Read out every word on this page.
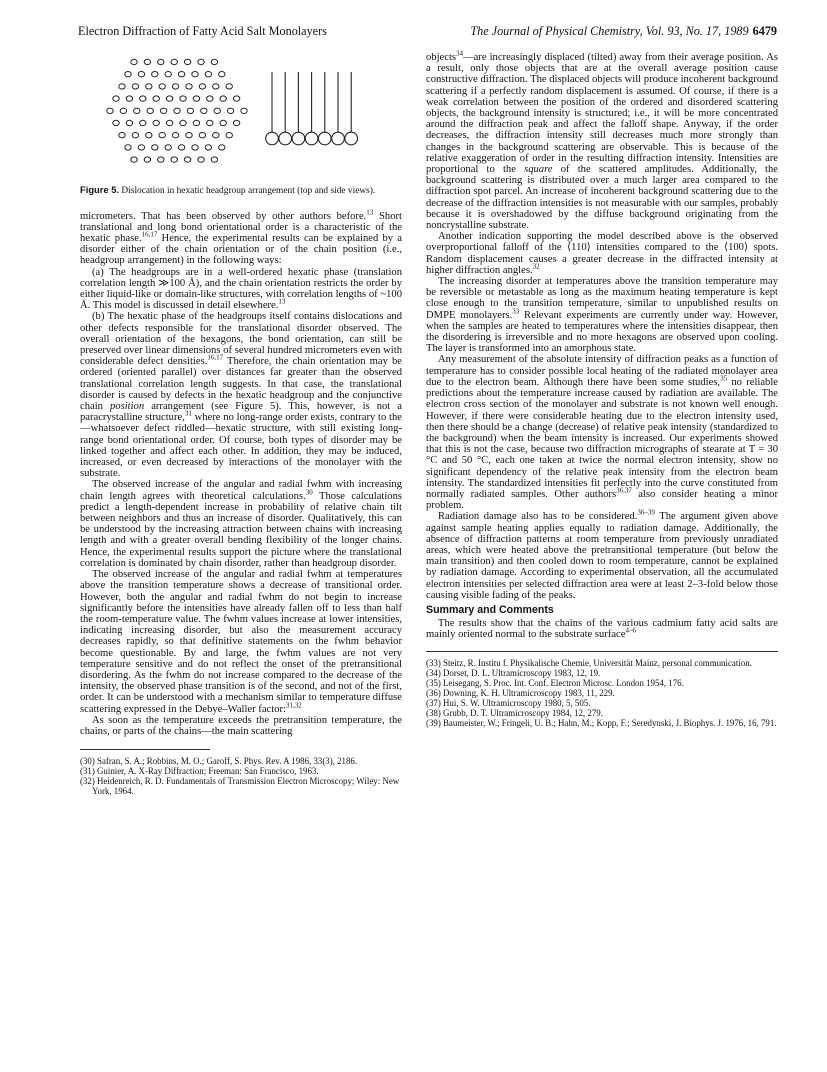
Electron Diffraction of Fatty Acid Salt Monolayers	The Journal of Physical Chemistry, Vol. 93, No. 17, 1989 6479

Figure 5. Dislocation in hexatic headgroup arrangement (top and side views).

micrometers. That has been observed by other authors before.$^{13}$ Short translational and long bond orientational order is a characteristic of the hexatic phase.$^{16,17}$ Hence, the experimental results can be explained by a disorder either of the chain orientation or of the chain position (i.e., headgroup arrangement) in the following ways:

(a) The headgroups are in a well-ordered hexatic phase (translation correlation length ≫100 Å), and the chain orientation restricts the order by either liquid-like or domain-like structures, with correlation lengths of ~100 Å. This model is discussed in detail elsewhere.$^{13}$

(b) The hexatic phase of the headgroups itself contains dislocations and other defects responsible for the translational disorder observed. The overall orientation of the hexagons, the bond orientation, can still be preserved over linear dimensions of several hundred micrometers even with considerable defect densities.$^{16,17}$ Therefore, the chain orientation may be ordered (oriented parallel) over distances far greater than the observed translational correlation length suggests. In that case, the translational disorder is caused by defects in the hexatic headgroup and the conjunctive chain position arrangement (see Figure 5). This, however, is not a paracrystalline structure,$^{31}$ where no long-range order exists, contrary to the—whatsoever defect riddled—hexatic structure, with still existing long-range bond orientational order. Of course, both types of disorder may be linked together and affect each other. In addition, they may be induced, increased, or even decreased by interactions of the monolayer with the substrate.

The observed increase of the angular and radial fwhm with increasing chain length agrees with theoretical calculations.$^{30}$ Those calculations predict a length-dependent increase in probability of relative chain tilt between neighbors and thus an increase of disorder. Qualitatively, this can be understood by the increasing attraction between chains with increasing length and with a greater overall bending flexibility of the longer chains. Hence, the experimental results support the picture where the translational correlation is dominated by chain disorder, rather than headgroup disorder.

The observed increase of the angular and radial fwhm at temperatures above the transition temperature shows a decrease of transitional order. However, both the angular and radial fwhm do not begin to increase significantly before the intensities have already fallen off to less than half the room-temperature value. The fwhm values increase at lower intensities, indicating increasing disorder, but also the measurement accuracy decreases rapidly, so that definitive statements on the fwhm behavior become questionable. By and large, the fwhm values are not very temperature sensitive and do not reflect the onset of the pretransitional disordering. As the fwhm do not increase compared to the decrease of the intensity, the observed phase transition is of the second, and not of the first, order. It can be understood with a mechanism similar to temperature diffuse scattering expressed in the Debye–Waller factor:$^{31,32}$

As soon as the temperature exceeds the pretransition temperature, the chains, or parts of the chains—the main scattering

(30) Safran, S. A.; Robbins, M. O.; Garoff, S. Phys. Rev. A 1986, 33(3), 2186.

(31) Guinier, A. X-Ray Diffraction; Freeman: San Francisco, 1963.

(32) Heidenreich, R. D. Fundamentals of Transmission Electron Microscopy; Wiley: New York, 1964.

objects$^{34}$—are increasingly displaced (tilted) away from their average position. As a result, only those objects that are at the overall average position cause constructive diffraction. The displaced objects will produce incoherent background scattering if a perfectly random displacement is assumed. Of course, if there is a weak correlation between the position of the ordered and disordered scattering objects, the background intensity is structured; i.e., it will be more concentrated around the diffraction peak and affect the falloff shape. Anyway, if the order decreases, the diffraction intensity still decreases much more strongly than changes in the background scattering are observable. This is because of the relative exaggeration of order in the resulting diffraction intensity. Intensities are proportional to the square of the scattered amplitudes. Additionally, the background scattering is distributed over a much larger area compared to the diffraction spot parcel. An increase of incoherent background scattering due to the decrease of the diffraction intensities is not measurable with our samples, probably because it is overshadowed by the diffuse background originating from the noncrystalline substrate.

Another indication supporting the model described above is the observed overproportional falloff of the ⟨110⟩ intensities compared to the ⟨100⟩ spots. Random displacement causes a greater decrease in the diffracted intensity at higher diffraction angles.$^{32}$

The increasing disorder at temperatures above the transition temperature may be reversible or metastable as long as the maximum heating temperature is kept close enough to the transition temperature, similar to unpublished results on DMPE monolayers.$^{33}$ Relevant experiments are currently under way. However, when the samples are heated to temperatures where the intensities disappear, then the disordering is irreversible and no more hexagons are observed upon cooling. The layer is transformed into an amorphous state.

Any measurement of the absolute intensity of diffraction peaks as a function of temperature has to consider possible local heating of the radiated monolayer area due to the electron beam. Although there have been some studies,$^{35}$ no reliable predictions about the temperature increase caused by radiation are available. The electron cross section of the monolayer and substrate is not known well enough. However, if there were considerable heating due to the electron intensity used, then there should be a change (decrease) of relative peak intensity (standardized to the background) when the beam intensity is increased. Our experiments showed that this is not the case, because two diffraction micrographs of stearate at T = 30 °C and 50 °C, each one taken at twice the normal electron intensity, show no significant dependency of the relative peak intensity from the electron beam intensity. The standardized intensities fit perfectly into the curve constituted from normally radiated samples. Other authors$^{36,37}$ also consider heating a minor problem.

Radiation damage also has to be considered.$^{36-39}$ The argument given above against sample heating applies equally to radiation damage. Additionally, the absence of diffraction patterns at room temperature from previously unradiated areas, which were heated above the pretransitional temperature (but below the main transition) and then cooled down to room temperature, cannot be explained by radiation damage. According to experimental observation, all the accumulated electron intensities per selected diffraction area were at least 2–3-fold below those causing visible fading of the peaks.

Summary and Comments

The results show that the chains of the various cadmium fatty acid salts are mainly oriented normal to the substrate surface$^{4-6}$

(33) Steitz, R. Institu f. Physikalische Chemie, Universität Mainz, personal communication.

(34) Dorset, D. L. Ultramicroscopy 1983, 12, 19.

(35) Leisegang, S. Proc. Int. Conf. Electron Microsc. London 1954, 176.

(36) Downing, K. H. Ultramicroscopy 1983, 11, 229.

(37) Hui, S. W. Ultramicroscopy 1980, 5, 505.

(38) Grubb, D. T. Ultramicroscopy 1984, 12, 279.

(39) Baumeister, W.; Fringeli, U. B.; Hahn, M.; Kopp, F.; Seredynski, J. Biophys. J. 1976, 16, 791.
